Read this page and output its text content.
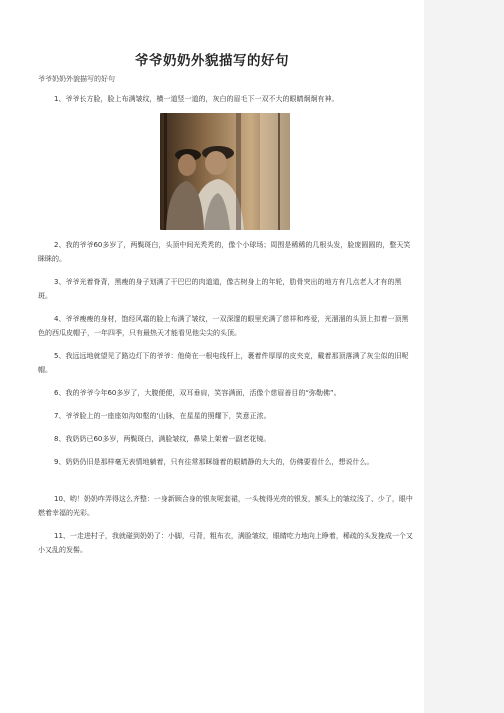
爷爷奶奶外貌描写的好句
爷爷奶奶外貌描写的好句

1、爷爷长方脸，脸上布满皱纹，横一道竖一道的，灰白的眉毛下一双不大的眼睛炯炯有神。

2、我的爷爷60多岁了，两鬓斑白，头顶中间光秃秃的，像个小球场；周围是稀稀的几根头发，脸庞圆圆的，整天笑眯眯的。

3、爷爷光着脊背，黑瘦的身子划满了干巴巴的肉道道，像古树身上的年轮，肋骨突出的地方有几点老人才有的黑斑。

4、爷爷瘦瘦的身材，饱经风霜的脸上布满了皱纹，一双深邃的眼里充满了慈祥和疼爱，光溜溜的头顶上扣着一顶黑色的西瓜皮帽子，一年四季，只有最热天才能看见他尖尖的头顶。

5、我远远地就望见了路边灯下的爷爷：他倚在一根电线杆上，裹着件厚厚的皮夹克，戴着那顶落满了灰尘似的旧呢帽。

6、我的爷爷今年60多岁了，大腹便便，双耳垂肩，笑容满面，活像个慈眉善目的“弥勒佛”。

7、爷爷脸上的一座座如沟如壑的‘山脉，在星星的照耀下，笑意正浓。

8、我奶奶已60多岁，两鬓斑白，满脸皱纹，鼻梁上架着一副老花镜。

9、奶奶仍旧是那样毫无表情地躺着，只有往常那眯缝着的眼睛静的大大的，仿佛要看什么，想说什么。

10、哟！奶奶咋弄得这么齐整：一身新顾合身的银灰呢套裙，一头梳得光亮的银发，额头上的皱纹浅了、少了，眼中燃着幸福的光彩。

11、一走进村子，我就碰到奶奶了：小脚，弓背，粗布衣，满脸皱纹，眼睛吃力地向上睁着，稀疏的头发挽成一个又小又乱的发髻。
